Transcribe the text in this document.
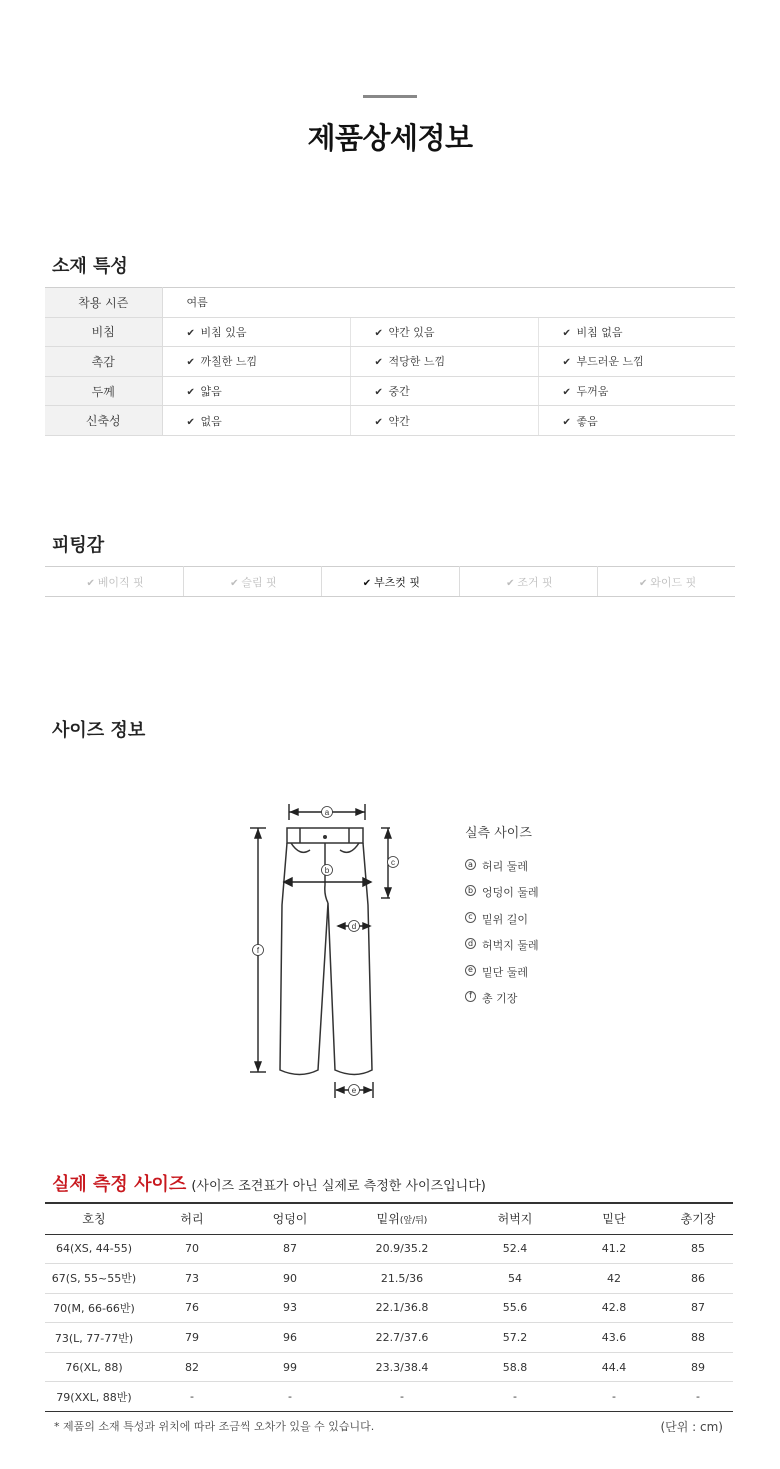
제품상세정보
소재 특성
착용 시즌	여름		
비침	✔ 비침 있음	✔ 약간 있음	✔ 비침 없음
촉감	✔ 까칠한 느낌	✔ 적당한 느낌	✔ 부드러운 느낌
두께	✔ 얇음	✔ 중간	✔ 두꺼움
신축성	✔ 없음	✔ 약간	✔ 좋음
피팅감
✔ 베이직 핏	✔ 슬림 핏	✔ 부츠컷 핏	✔ 조거 핏	✔ 와이드 핏
사이즈 정보
a
b
c
d
e
f
실측 사이즈
a 허리 둘레
b 엉덩이 둘레
c 밑위 길이
d 허벅지 둘레
e 밑단 둘레
f 총 기장
실제 측정 사이즈 (사이즈 조견표가 아닌 실제로 측정한 사이즈입니다)
호칭	허리	엉덩이	밑위(앞/뒤)	허벅지	밑단	총기장
64(XS, 44-55)	70	87	20.9/35.2	52.4	41.2	85
67(S, 55~55반)	73	90	21.5/36	54	42	86
70(M, 66-66반)	76	93	22.1/36.8	55.6	42.8	87
73(L, 77-77반)	79	96	22.7/37.6	57.2	43.6	88
76(XL, 88)	82	99	23.3/38.4	58.8	44.4	89
79(XXL, 88반)	-	-	-	-	-	-
* 제품의 소재 특성과 위치에 따라 조금씩 오차가 있을 수 있습니다.	(단위 : cm)
